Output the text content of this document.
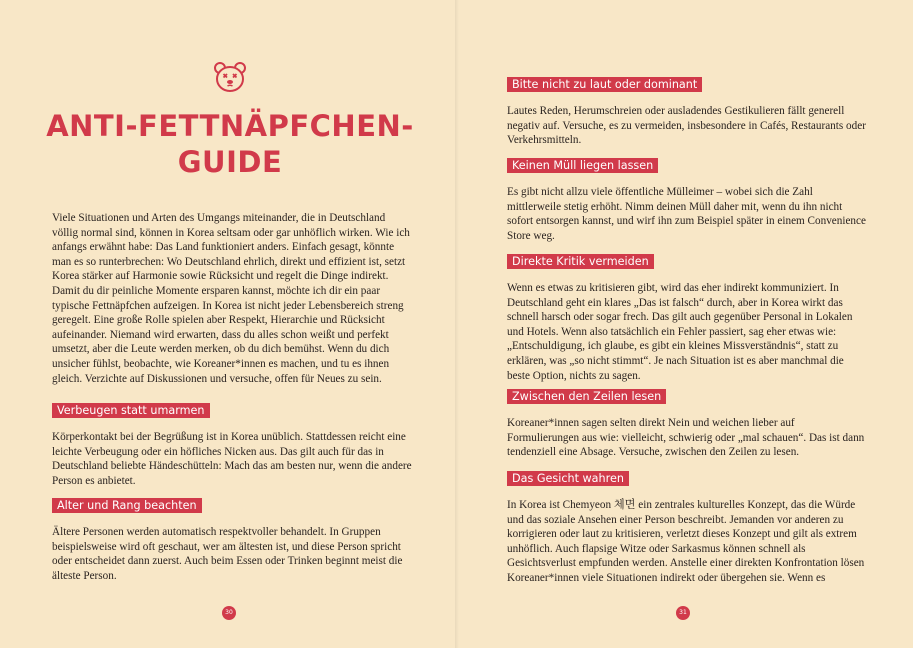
ANTI-FETTNÄPFCHEN-GUIDE

Viele Situationen und Arten des Umgangs miteinander, die in Deutschland völlig normal sind, können in Korea seltsam oder gar unhöflich wirken. Wie ich anfangs erwähnt habe: Das Land funktioniert anders. Einfach gesagt, könnte man es so runterbrechen: Wo Deutschland ehrlich, direkt und effizient ist, setzt Korea stärker auf Harmonie sowie Rücksicht und regelt die Dinge indirekt. Damit du dir peinliche Momente ersparen kannst, möchte ich dir ein paar typische Fettnäpfchen aufzeigen. In Korea ist nicht jeder Lebensbereich streng geregelt. Eine große Rolle spielen aber Respekt, Hierarchie und Rücksicht aufeinander. Niemand wird erwarten, dass du alles schon weißt und perfekt umsetzt, aber die Leute werden merken, ob du dich bemühst. Wenn du dich unsicher fühlst, beobachte, wie Koreaner*innen es machen, und tu es ihnen gleich. Verzichte auf Diskussionen und versuche, offen für Neues zu sein.

Verbeugen statt umarmen

Körperkontakt bei der Begrüßung ist in Korea unüblich. Stattdessen reicht eine leichte Verbeugung oder ein höfliches Nicken aus. Das gilt auch für das in Deutschland beliebte Händeschütteln: Mach das am besten nur, wenn die andere Person es anbietet.

Alter und Rang beachten

Ältere Personen werden automatisch respektvoller behandelt. In Gruppen beispielsweise wird oft geschaut, wer am ältesten ist, und diese Person spricht oder entscheidet dann zuerst. Auch beim Essen oder Trinken beginnt meist die älteste Person.

30
Bitte nicht zu laut oder dominant

Lautes Reden, Herumschreien oder ausladendes Gestikulieren fällt generell negativ auf. Versuche, es zu vermeiden, insbesondere in Cafés, Restaurants oder Verkehrsmitteln.

Keinen Müll liegen lassen

Es gibt nicht allzu viele öffentliche Mülleimer – wobei sich die Zahl mittlerweile stetig erhöht. Nimm deinen Müll daher mit, wenn du ihn nicht sofort entsorgen kannst, und wirf ihn zum Beispiel später in einem Convenience Store weg.

Direkte Kritik vermeiden

Wenn es etwas zu kritisieren gibt, wird das eher indirekt kommuniziert. In Deutschland geht ein klares „Das ist falsch“ durch, aber in Korea wirkt das schnell harsch oder sogar frech. Das gilt auch gegenüber Personal in Lokalen und Hotels. Wenn also tatsächlich ein Fehler passiert, sag eher etwas wie: „Entschuldigung, ich glaube, es gibt ein kleines Missverständnis“, statt zu erklären, was „so nicht stimmt“. Je nach Situation ist es aber manchmal die beste Option, nichts zu sagen.

Zwischen den Zeilen lesen

Koreaner*innen sagen selten direkt Nein und weichen lieber auf Formulierungen aus wie: vielleicht, schwierig oder „mal schauen“. Das ist dann tendenziell eine Absage. Versuche, zwischen den Zeilen zu lesen.

Das Gesicht wahren

In Korea ist Chemyeon 체면 ein zentrales kulturelles Konzept, das die Würde und das soziale Ansehen einer Person beschreibt. Jemanden vor anderen zu korrigieren oder laut zu kritisieren, verletzt dieses Konzept und gilt als extrem unhöflich. Auch flapsige Witze oder Sarkasmus können schnell als Gesichtsverlust empfunden werden. Anstelle einer direkten Konfrontation lösen Koreaner*innen viele Situationen indirekt oder übergehen sie. Wenn es

31
